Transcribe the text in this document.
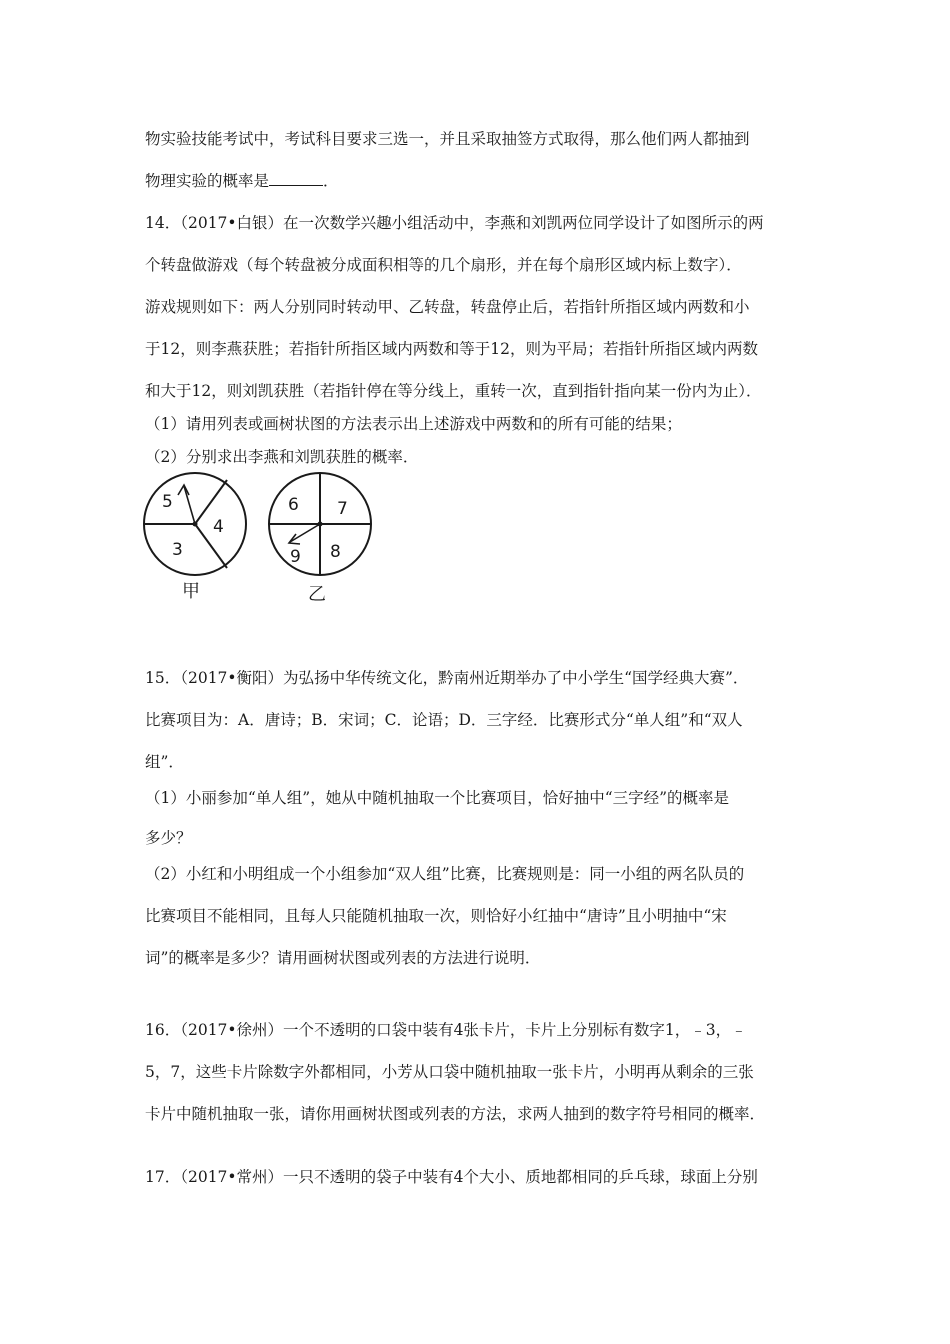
物实验技能考试中，考试科目要求三选一，并且采取抽签方式取得，那么他们两人都抽到
物理实验的概率是	．
14．（2017•白银）在一次数学兴趣小组活动中，李燕和刘凯两位同学设计了如图所示的两
个转盘做游戏（每个转盘被分成面积相等的几个扇形，并在每个扇形区域内标上数字）．
游戏规则如下：两人分别同时转动甲、乙转盘，转盘停止后，若指针所指区域内两数和小
于12，则李燕获胜；若指针所指区域内两数和等于12，则为平局；若指针所指区域内两数
和大于12，则刘凯获胜（若指针停在等分线上，重转一次，直到指针指向某一份内为止）．
（1）请用列表或画树状图的方法表示出上述游戏中两数和的所有可能的结果；
（2）分别求出李燕和刘凯获胜的概率．
5
4
3
甲
6 7
9 8
乙
15．（2017•衡阳）为弘扬中华传统文化，黔南州近期举办了中小学生“国学经典大赛”．
比赛项目为：A．唐诗；B．宋词；C．论语；D．三字经．比赛形式分“单人组”和“双人
组”．
（1）小丽参加“单人组”，她从中随机抽取一个比赛项目，恰好抽中“三字经”的概率是
多少？
（2）小红和小明组成一个小组参加“双人组”比赛，比赛规则是：同一小组的两名队员的
比赛项目不能相同，且每人只能随机抽取一次，则恰好小红抽中“唐诗”且小明抽中“宋
词”的概率是多少？请用画树状图或列表的方法进行说明．
16．（2017•徐州）一个不透明的口袋中装有4张卡片，卡片上分别标有数字1，﹣3，﹣
5，7，这些卡片除数字外都相同，小芳从口袋中随机抽取一张卡片，小明再从剩余的三张
卡片中随机抽取一张，请你用画树状图或列表的方法，求两人抽到的数字符号相同的概率．
17．（2017•常州）一只不透明的袋子中装有4个大小、质地都相同的乒乓球，球面上分别
